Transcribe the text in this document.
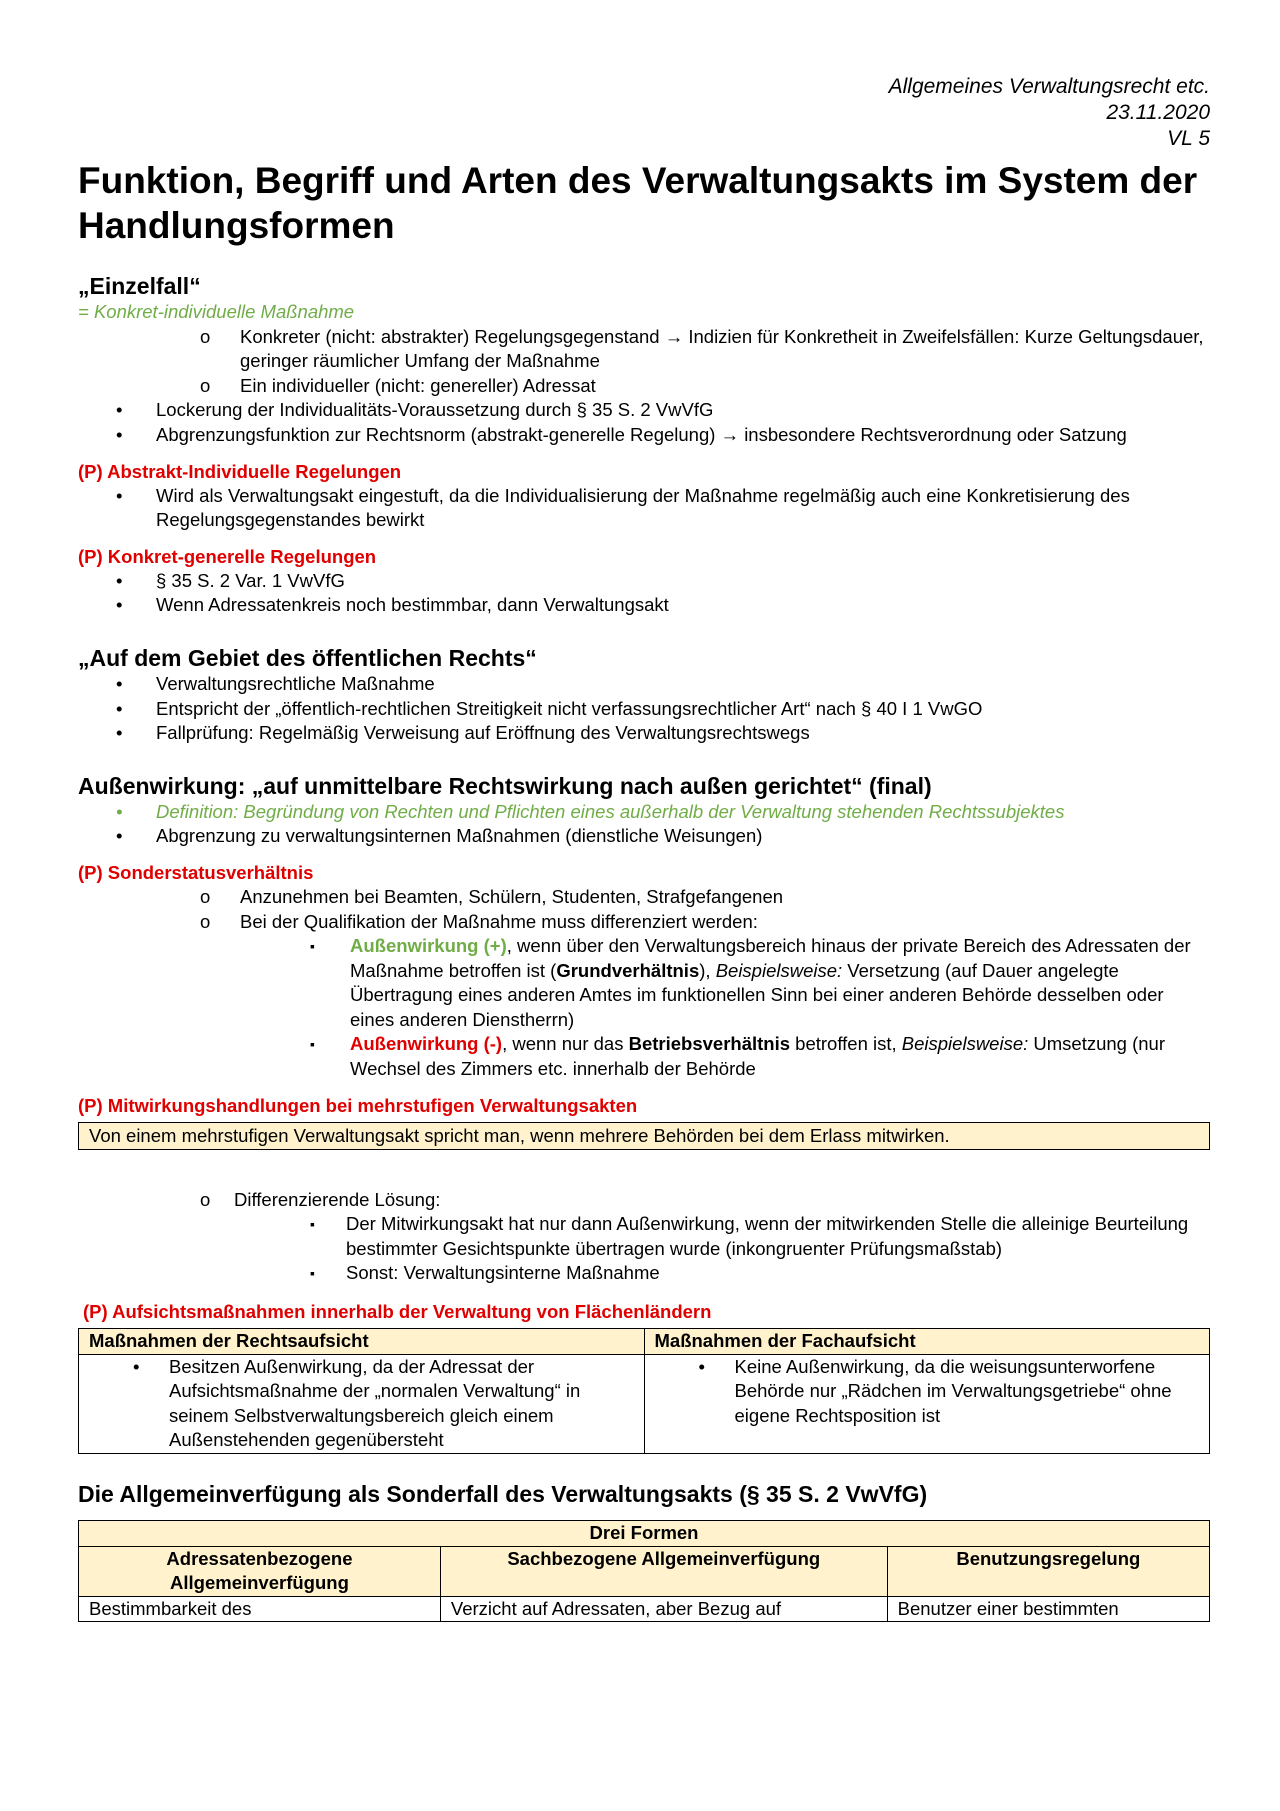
Allgemeines Verwaltungsrecht etc.
23.11.2020
VL 5
Funktion, Begriff und Arten des Verwaltungsakts im System der Handlungsformen
„Einzelfall“
= Konkret-individuelle Maßnahme
o Konkreter (nicht: abstrakter) Regelungsgegenstand → Indizien für Konkretheit in Zweifelsfällen: Kurze Geltungsdauer, geringer räumlicher Umfang der Maßnahme
o Ein individueller (nicht: genereller) Adressat
• Lockerung der Individualitäts-Voraussetzung durch § 35 S. 2 VwVfG
• Abgrenzungsfunktion zur Rechtsnorm (abstrakt-generelle Regelung) → insbesondere Rechtsverordnung oder Satzung
(P) Abstrakt-Individuelle Regelungen
• Wird als Verwaltungsakt eingestuft, da die Individualisierung der Maßnahme regelmäßig auch eine Konkretisierung des Regelungsgegenstandes bewirkt
(P) Konkret-generelle Regelungen
• § 35 S. 2 Var. 1 VwVfG
• Wenn Adressatenkreis noch bestimmbar, dann Verwaltungsakt
„Auf dem Gebiet des öffentlichen Rechts“
• Verwaltungsrechtliche Maßnahme
• Entspricht der „öffentlich-rechtlichen Streitigkeit nicht verfassungsrechtlicher Art“ nach § 40 I 1 VwGO
• Fallprüfung: Regelmäßig Verweisung auf Eröffnung des Verwaltungsrechtswegs
Außenwirkung: „auf unmittelbare Rechtswirkung nach außen gerichtet“ (final)
• Definition: Begründung von Rechten und Pflichten eines außerhalb der Verwaltung stehenden Rechtssubjektes
• Abgrenzung zu verwaltungsinternen Maßnahmen (dienstliche Weisungen)
(P) Sonderstatusverhältnis
o Anzunehmen bei Beamten, Schülern, Studenten, Strafgefangenen
o Bei der Qualifikation der Maßnahme muss differenziert werden:
▪ Außenwirkung (+), wenn über den Verwaltungsbereich hinaus der private Bereich des Adressaten der Maßnahme betroffen ist (Grundverhältnis), Beispielsweise: Versetzung (auf Dauer angelegte Übertragung eines anderen Amtes im funktionellen Sinn bei einer anderen Behörde desselben oder eines anderen Dienstherrn)
▪ Außenwirkung (-), wenn nur das Betriebsverhältnis betroffen ist, Beispielsweise: Umsetzung (nur Wechsel des Zimmers etc. innerhalb der Behörde
(P) Mitwirkungshandlungen bei mehrstufigen Verwaltungsakten
Von einem mehrstufigen Verwaltungsakt spricht man, wenn mehrere Behörden bei dem Erlass mitwirken.
o Differenzierende Lösung:
▪ Der Mitwirkungsakt hat nur dann Außenwirkung, wenn der mitwirkenden Stelle die alleinige Beurteilung bestimmter Gesichtspunkte übertragen wurde (inkongruenter Prüfungsmaßstab)
▪ Sonst: Verwaltungsinterne Maßnahme
(P) Aufsichtsmaßnahmen innerhalb der Verwaltung von Flächenländern
Maßnahmen der Rechtsaufsicht	Maßnahmen der Fachaufsicht

• Besitzen Außenwirkung, da der Adressat der Aufsichtsmaßnahme der „normalen Verwaltung“ in seinem Selbstverwaltungsbereich gleich einem Außenstehenden gegenübersteht	• Keine Außenwirkung, da die weisungsunterworfene Behörde nur „Rädchen im Verwaltungsgetriebe“ ohne eigene Rechtsposition ist
Die Allgemeinverfügung als Sonderfall des Verwaltungsakts (§ 35 S. 2 VwVfG)
Drei Formen		
Adressatenbezogene Allgemeinverfügung	Sachbezogene Allgemeinverfügung	Benutzungsregelung
Bestimmbarkeit des	Verzicht auf Adressaten, aber Bezug auf	Benutzer einer bestimmten
